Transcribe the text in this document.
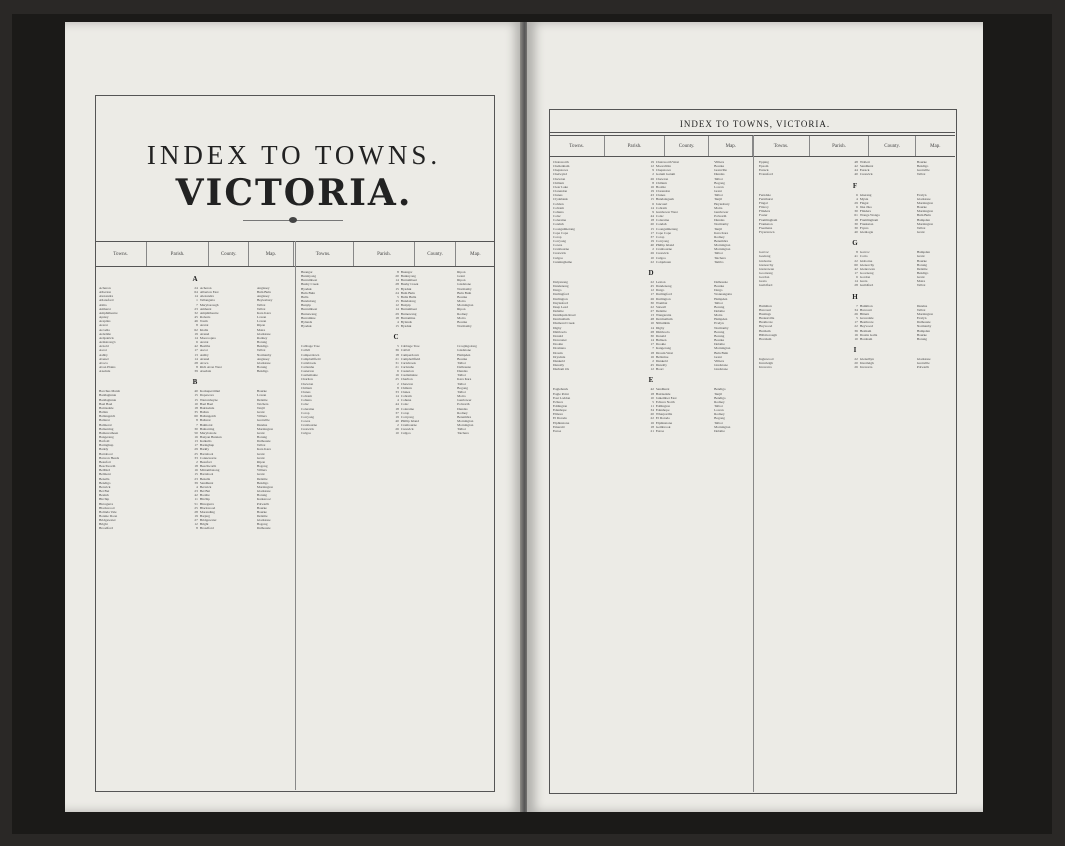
INDEX TO TOWNS.
VICTORIA.
Towns.	Parish.	County.	Map.	Towns.	Parish.	County.	Map.
A
Acheron	24 Acheron	Anglesey
Alberton	64 Alberton East	Buln Buln
Alexandra	14 Alexandra	Anglesey
Allansford	1 Tallangatta	Heytesbury
Alma	7 Maryborough	Talbot
Amherst	23 Amherst	Talbot
Amphitheatre	32 Amphitheatre	Kara Kara
Apsley	45 Roberts	Lowan
Arapiles	46 Toum	Lowan
Ararat	8 Ararat	Ripon
Arcadia	62 Kialla	Moira
Ardelide	19 Avenel	Gladstone
Ardpatrick	14 Mooroopna	Rodney
Armstrong's	6 Ararat	Borung
Arnold	42 Bealiba	Bendigo
Ascot	17 Ascot	Talbot
Ashby	13 Ashby	Normanby
Avenel	14 Avenel	Anglesey
Avoca	28 Avoca	Gladstone
Avon Plains	8 Rich Avon West	Borung
Axedale	39 Axedale	Bendigo
B
Bacchus Marsh	40 Korkuperrimul	Bourke
Baddaginnie	15 Dopewora	Lowan
Baddaginnie	15 Warrenbayne	Delatite
Bael Bael	10 Bael Bael	Tatchera
Bairnsdale	18 Bairnsdale	Tanjil
Ballan	35 Ballan	Grant
Ballangeich	60 Ballangeich	Villiers
Ballarat	8 Ballarat	Grenville
Balmoral	7 Balmoral	Dundas
Balnarring	30 Balnarring	Mornington
Bamawatheen	50 Marybolode	Grant
Bangerang	16 Banyan Bunnan	Borung
Barfold	13 Kalkallo	Dalhousie
Baringhup	17 Baringhup	Talbot
Barkly	29 Barkly	Kara Kara
Barrabool	25 Barrabool	Grant
Barwon Heads	33 Connewarre	Grant
Beaufort	2 Beaufort	Ripon
Beechworth	18 Beechworth	Bogong
Bellbird	16 Mirrambatong	Villiers
Belmont	15 Barrabool	Grant
Benalla	23 Benalla	Delatite
Bendigo	39 Sandhurst	Bendigo
Berwick	4 Berwick	Mornington
Bet Bet	23 Bet Bet	Gladstone
Beulah	42 Boolite	Borung
Birchip	11 Birchip	Karkarooc
Birregurra	51 Birregurra	Polwarth
Blackwood	25 Blackwood	Bourke
Bolinda Vale	28 Moranding	Bourke
Bonnie Doon	19 Barjarg	Delatite
Bridgewater	27 Bridgewater	Gladstone
Bright	12 Bright	Bogong
Broadford	8 Broadford	Dalhousie
Buangor	8 Buangor	Ripon
Buninyong	20 Buninyong	Grant
Burrumbeet	14 Burrumbeet	Ripon
Bushy Creek	28 Bushy Creek	Gladstone
Byaduk	15 Byaduk	Normanby
Buln Buln	24 Buln Buln	Buln Buln
Bulla	5 Bulla Bulla	Bourke
Bundalong	15 Bundalong	Moira
Bunyip	12 Bunyip	Mornington
Burrumbeet	14 Burrumbeet	Ripon
Burnewang	29 Burnewang	Rodney
Burramine	18 Burramine	Moira
Bylands	4 Bylands	Bourke
Byaduk	15 Byaduk	Normanby
C
Cabbage Tree	5 Cabbage Tree	Croajingolong
Calivil	36 Calivil	Gladstone
Camperdown	18 Camperdown	Hampden
Campbellfield	21 Campbellfield	Bourke
Carisbrook	31 Carisbrook	Talbot
Carlsruhe	21 Carlsruhe	Dalhousie
Casterton	6 Casterton	Dundas
Castlemaine	16 Castlemaine	Talbot
Charlton	25 Charlton	Kara Kara
Chewton	2 Chewton	Talbot
Chiltern	8 Chiltern	Bogong
Clunes	33 Clunes	Talbot
Cobram	14 Cobram	Moira
Cohuna	4 Cohuna	Gunbower
Colac	44 Colac	Polwarth
Coleraine	18 Coleraine	Dundas
Corop	37 Corop	Rodney
Corryong	19 Corryong	Benambra
Cowes	40 Phillip Island	Mornington
Cranbourne	2 Cranbourne	Mornington
Creswick	26 Creswick	Talbot
Culgoa	10 Culgoa	Tatchera
INDEX TO TOWNS, VICTORIA.
Towns.	Parish.	County.	Map.	Towns.	Parish.	County.	Map.
Chatsworth	19 Chatsworth West	Villiers
Cheltenham	12 Moorabbin	Bourke
Chepstowe	9 Chepstowe	Grenville
Chetwynd	2 Gatum Gatum	Dundas
Chewton	26 Chewton	Talbot
Chiltern	8 Chiltern	Bogong
Clear Lake	16 Boolite	Lowan
Clarendon	19 Clarendon	Grant
Clunes	43 Clunes	Talbot
Clydebank	15 Bundalaguah	Tanjil
Cobden	6 Jancourt	Heytesbury
Cobram	14 Cobram	Moira
Cohuna	9 Gunbower West	Gunbower
Colac	44 Colac	Polwarth
Coleraine	18 Coleraine	Dundas
Condah	20 Condah	Normanby
Coongulmerang	15 Coongulmerang	Tanjil
Cope Cope	17 Cope Cope	Kara Kara
Corop	37 Corop	Rodney
Corryong	19 Corryong	Benambra
Cowes	40 Phillip Island	Mornington
Cranbourne	2 Cranbourne	Mornington
Creswick	26 Creswick	Talbot
Culgoa	10 Culgoa	Tatchera
Cunninghame	22 Colquhoun	Tambo
D
Dalyenong	22 Lexton	Dalhousie
Dandenong	45 Dandenong	Bourke
Dargo	12 Dargo	Dargo
Darlingford	17 Darlingford	Wonnangatta
Darlington	26 Darlington	Hampden
Daylesford	30 Wombat	Talbot
Deep Lead	22 Stawell	Borung
Delatite	27 Delatite	Delatite
Deniliquin Road	13 Wangaratta	Moira
Derrinallum	48 Derrinallum	Hampden
Diamond Creek	10 Nillumbik	Evelyn
Digby	14 Digby	Normanby
Dimboola	28 Dimboola	Borung
Donald	30 Donald	Borung
Doncaster	14 Bulleen	Bourke
Dookie	17 Dookie	Delatite
Dromana	7 Kangerong	Mornington
Drouin	18 Drouin West	Buln Buln
Drysdale	16 Bellarine	Grant
Dunkeld	2 Dunkeld	Villiers
Dunolly	45 Dunolly	Gladstone
Durham Ox	12 Boort	Gladstone
E
Eaglehawk	42 Sandhurst	Bendigo
Eagle Point	18 Bairnsdale	Tanjil
East Loddon	10 Janiember East	Bendigo
Echuca	5 Echuca North	Rodney
Eddington	11 Eddington	Talbot
Edenhope	34 Edenhope	Lowan
Elmore	20 Wharparilla	Rodney
El Dorado	22 El Dorado	Bogong
Elphinstone	16 Elphinstone	Talbot
Emerald	18 Gembrook	Mornington
Euroa	21 Euroa	Delatite
Epping	48 Wollert	Bourke
Epsom	42 Sandhurst	Bendigo
Eurack	44 Eurack	Grenville
Evansford	40 Creswick	Talbot
F
Ferndale	6 Gherang	Evelyn
Fernihurst	4 Mysia	Gladstone
Fingal	29 Fingal	Mornington
Fitzroy	6 Jika Jika	Bourke
Flinders	30 Flinders	Mornington
Foster	61 Wonga Wonga	Buln Buln
Framlingham	18 Framlingham	Hampden
Frankston	30 Frankston	Mornington
Freemans	30 Fryers	Talbot
Fryerstown	40 Glenlogie	Grant
G
Garvoc	8 Garvoc	Hampden
Geelong	41 Corio	Grant
Gisborne	22 Gisborne	Bourke
Glenorchy	60 Glenorchy	Borung
Glenrowan	42 Glenrowan	Delatite
Goornong	17 Goornong	Bendigo
Gordon	6 Gordon	Grant
Greta	14 Greta	Moira
Guildford	28 Guildford	Talbot
H
Hamilton	7 Hamilton	Dundas
Harcourt	34 Harcourt	Talbot
Hastings	26 Bittern	Mornington
Healesville	5 Gracedale	Evelyn
Heathcote	17 Heathcote	Dalhousie
Heywood	22 Heywood	Normanby
Hexham	36 Hexham	Hampden
Hillsborough	16 Doutta Galla	Bourke
Horsham	10 Horsham	Borung
I
Inglewood	22 Glenalbyn	Gladstone
Inverleigh	20 Inverleigh	Grenville
Irrewarra	26 Irrewarra	Polwarth
